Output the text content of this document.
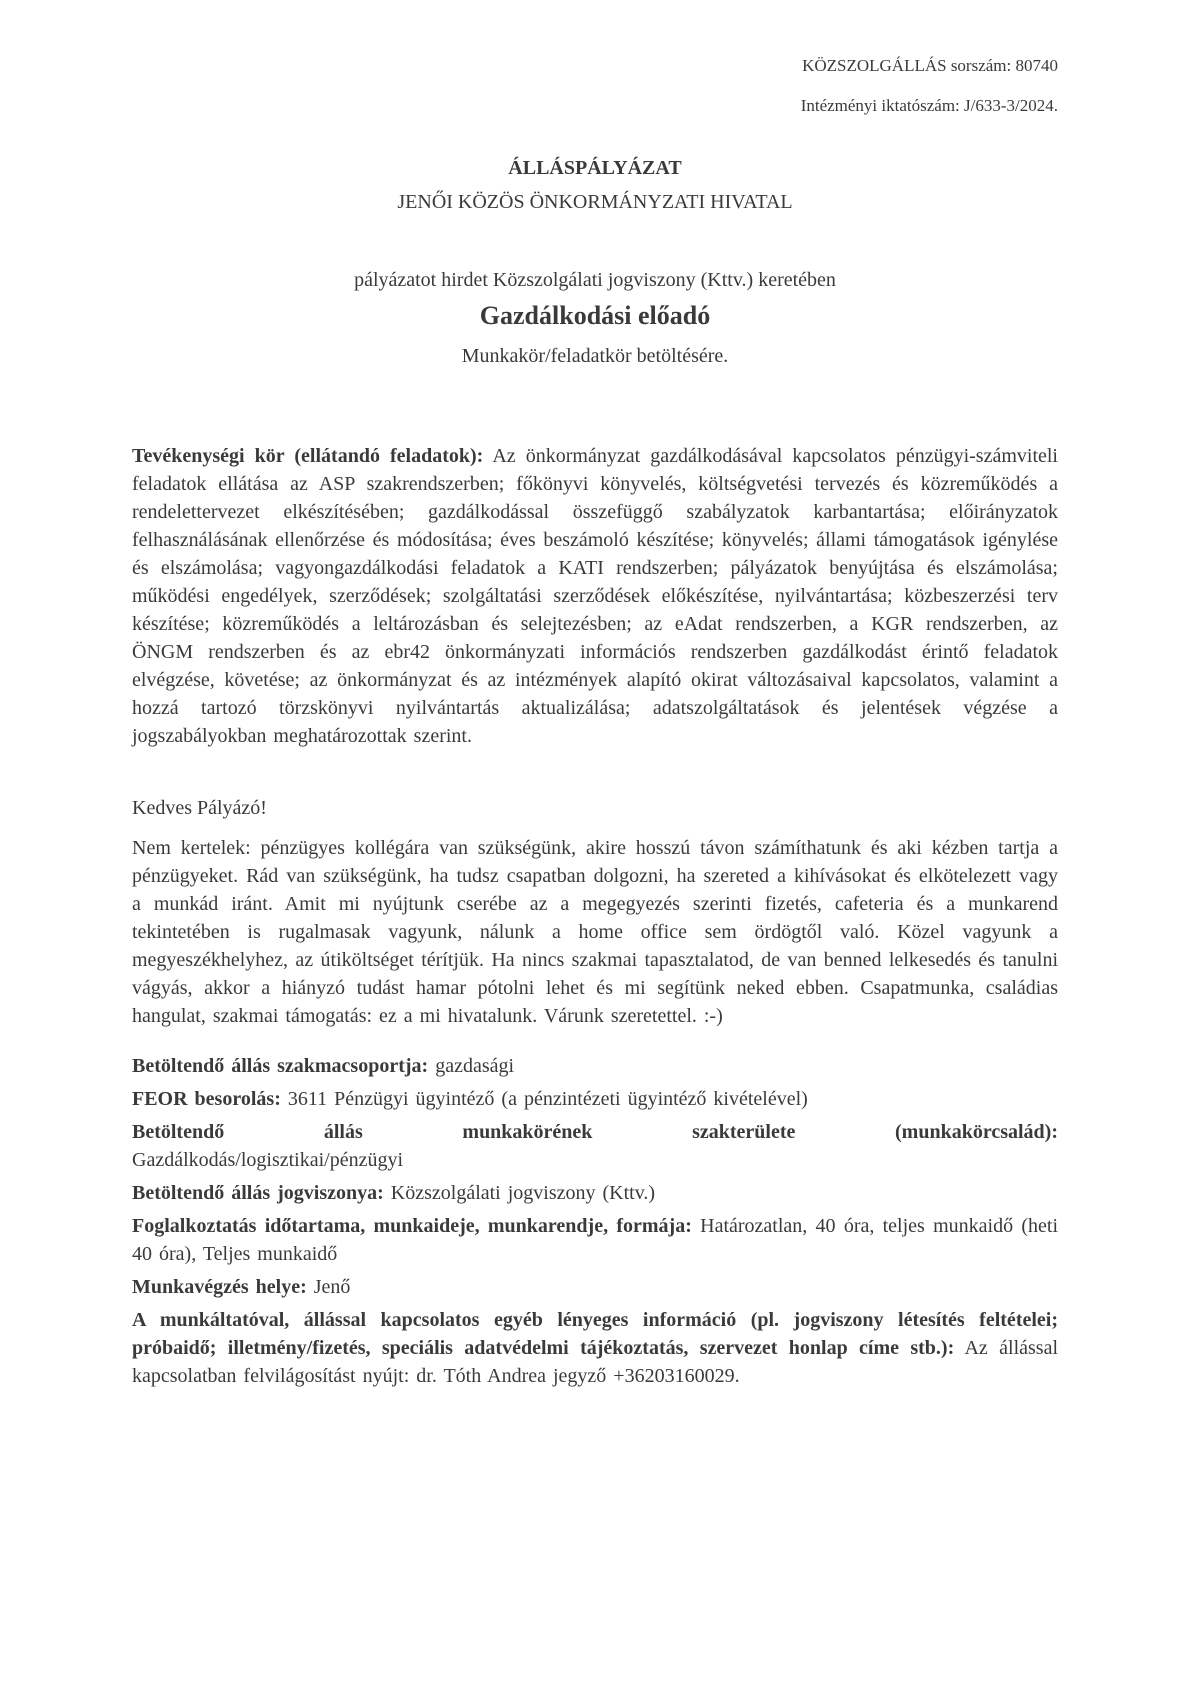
KÖZSZOLGÁLLÁS sorszám: 80740

Intézményi iktatószám: J/633-3/2024.

ÁLLÁSPÁLYÁZAT

JENŐI KÖZÖS ÖNKORMÁNYZATI HIVATAL

pályázatot hirdet Közszolgálati jogviszony (Kttv.) keretében

Gazdálkodási előadó

Munkakör/feladatkör betöltésére.

Tevékenységi kör (ellátandó feladatok): Az önkormányzat gazdálkodásával kapcsolatos pénzügyi-számviteli feladatok ellátása az ASP szakrendszerben; főkönyvi könyvelés, költségvetési tervezés és közreműködés a rendelettervezet elkészítésében; gazdálkodással összefüggő szabályzatok karbantartása; előirányzatok felhasználásának ellenőrzése és módosítása; éves beszámoló készítése; könyvelés; állami támogatások igénylése és elszámolása; vagyongazdálkodási feladatok a KATI rendszerben; pályázatok benyújtása és elszámolása; működési engedélyek, szerződések; szolgáltatási szerződések előkészítése, nyilvántartása; közbeszerzési terv készítése; közreműködés a leltározásban és selejtezésben; az eAdat rendszerben, a KGR rendszerben, az ÖNGM rendszerben és az ebr42 önkormányzati információs rendszerben gazdálkodást érintő feladatok elvégzése, követése; az önkormányzat és az intézmények alapító okirat változásaival kapcsolatos, valamint a hozzá tartozó törzskönyvi nyilvántartás aktualizálása; adatszolgáltatások és jelentések végzése a jogszabályokban meghatározottak szerint.

Kedves Pályázó!

Nem kertelek: pénzügyes kollégára van szükségünk, akire hosszú távon számíthatunk és aki kézben tartja a pénzügyeket. Rád van szükségünk, ha tudsz csapatban dolgozni, ha szereted a kihívásokat és elkötelezett vagy a munkád iránt. Amit mi nyújtunk cserébe az a megegyezés szerinti fizetés, cafeteria és a munkarend tekintetében is rugalmasak vagyunk, nálunk a home office sem ördögtől való. Közel vagyunk a megyeszékhelyhez, az útiköltséget térítjük. Ha nincs szakmai tapasztalatod, de van benned lelkesedés és tanulni vágyás, akkor a hiányzó tudást hamar pótolni lehet és mi segítünk neked ebben. Csapatmunka, családias hangulat, szakmai támogatás: ez a mi hivatalunk. Várunk szeretettel. :-)

Betöltendő állás szakmacsoportja: gazdasági

FEOR besorolás: 3611 Pénzügyi ügyintéző (a pénzintézeti ügyintéző kivételével)

Betöltendő állás munkakörének szakterülete (munkakörcsalád):
Gazdálkodás/logisztikai/pénzügyi

Betöltendő állás jogviszonya: Közszolgálati jogviszony (Kttv.)

Foglalkoztatás időtartama, munkaideje, munkarendje, formája: Határozatlan, 40 óra, teljes munkaidő (heti 40 óra), Teljes munkaidő

Munkavégzés helye: Jenő

A munkáltatóval, állással kapcsolatos egyéb lényeges információ (pl. jogviszony létesítés feltételei; próbaidő; illetmény/fizetés, speciális adatvédelmi tájékoztatás, szervezet honlap címe stb.): Az állással kapcsolatban felvilágosítást nyújt: dr. Tóth Andrea jegyző +36203160029.
